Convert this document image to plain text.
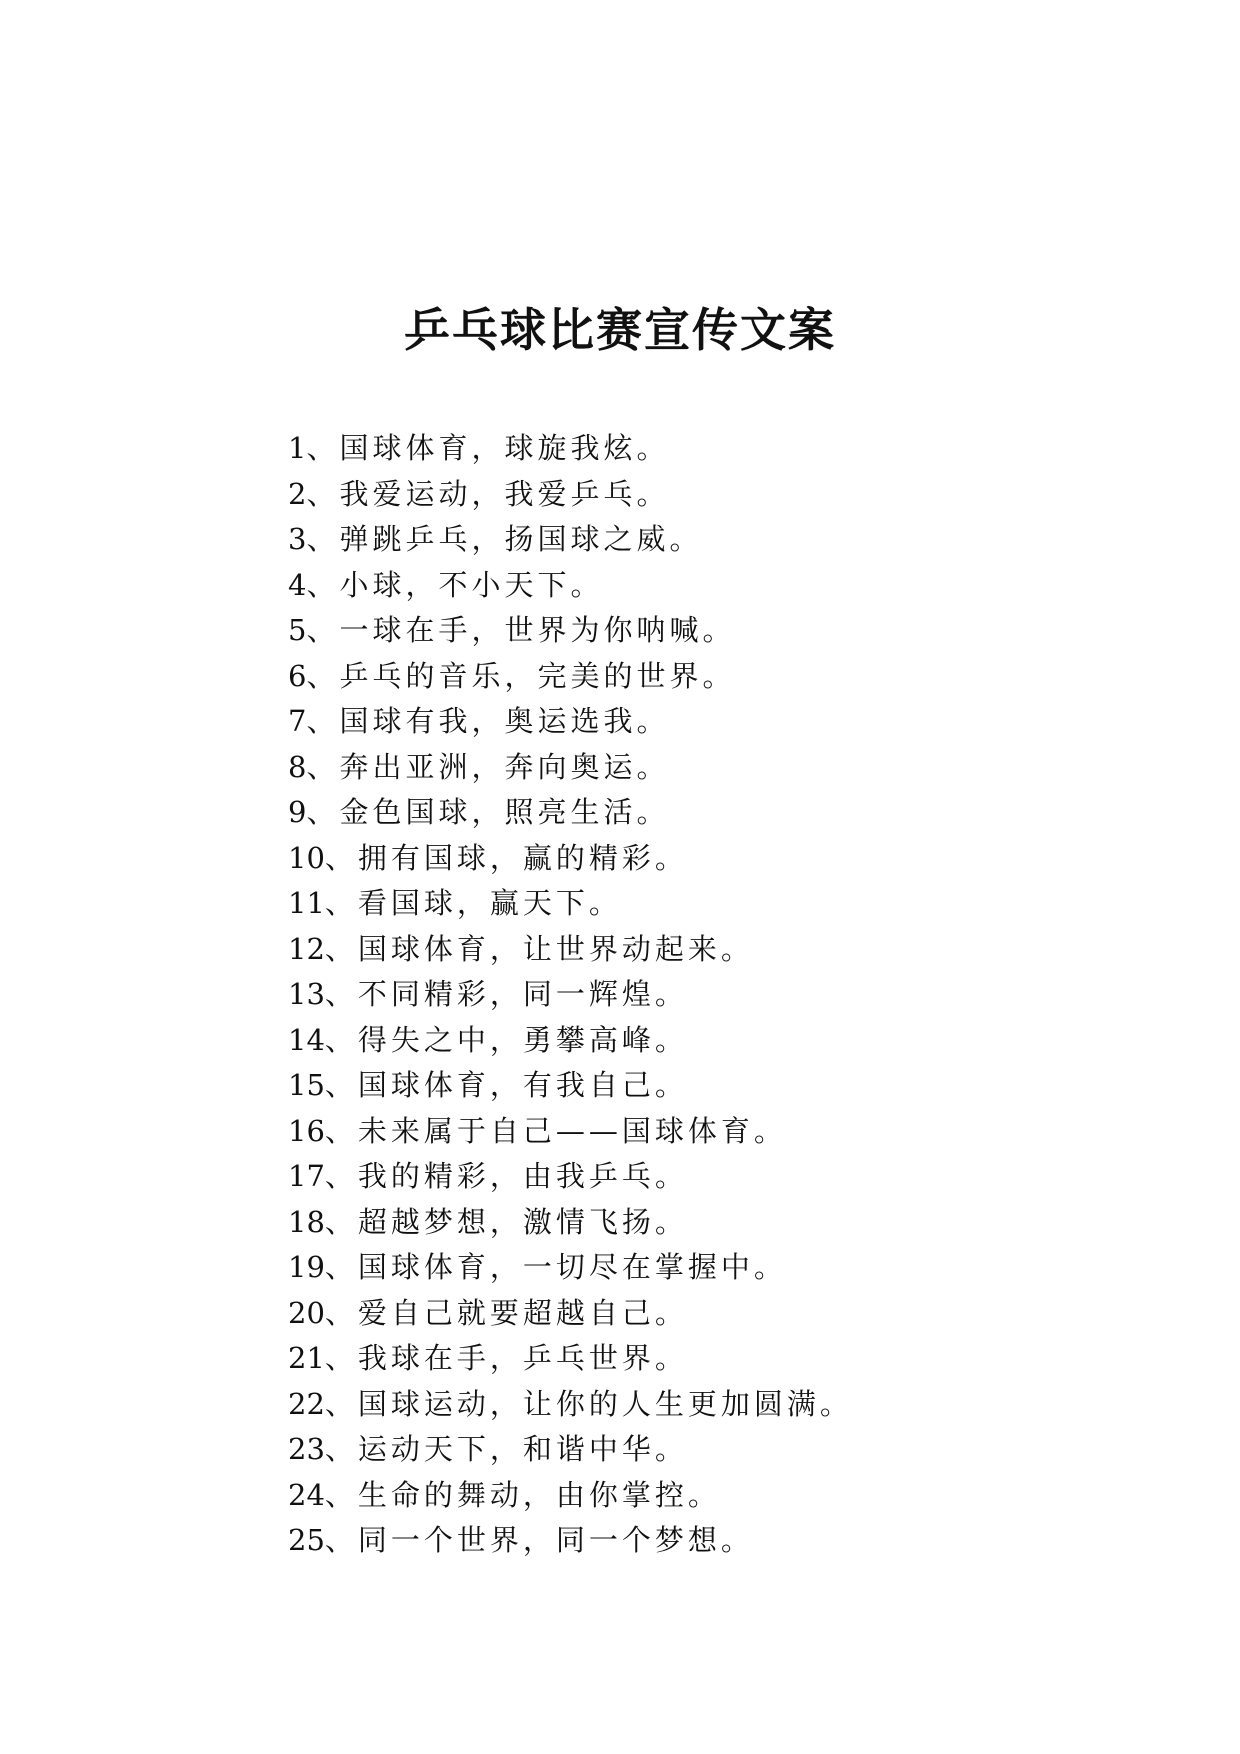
乒乓球比赛宣传文案
1、国球体育，球旋我炫。
2、我爱运动，我爱乒乓。
3、弹跳乒乓，扬国球之威。
4、小球，不小天下。
5、一球在手，世界为你呐喊。
6、乒乓的音乐，完美的世界。
7、国球有我，奥运选我。
8、奔出亚洲，奔向奥运。
9、金色国球，照亮生活。
10、拥有国球，赢的精彩。
11、看国球，赢天下。
12、国球体育，让世界动起来。
13、不同精彩，同一辉煌。
14、得失之中，勇攀高峰。
15、国球体育，有我自己。
16、未来属于自己——国球体育。
17、我的精彩，由我乒乓。
18、超越梦想，激情飞扬。
19、国球体育，一切尽在掌握中。
20、爱自己就要超越自己。
21、我球在手，乒乓世界。
22、国球运动，让你的人生更加圆满。
23、运动天下，和谐中华。
24、生命的舞动，由你掌控。
25、同一个世界，同一个梦想。
